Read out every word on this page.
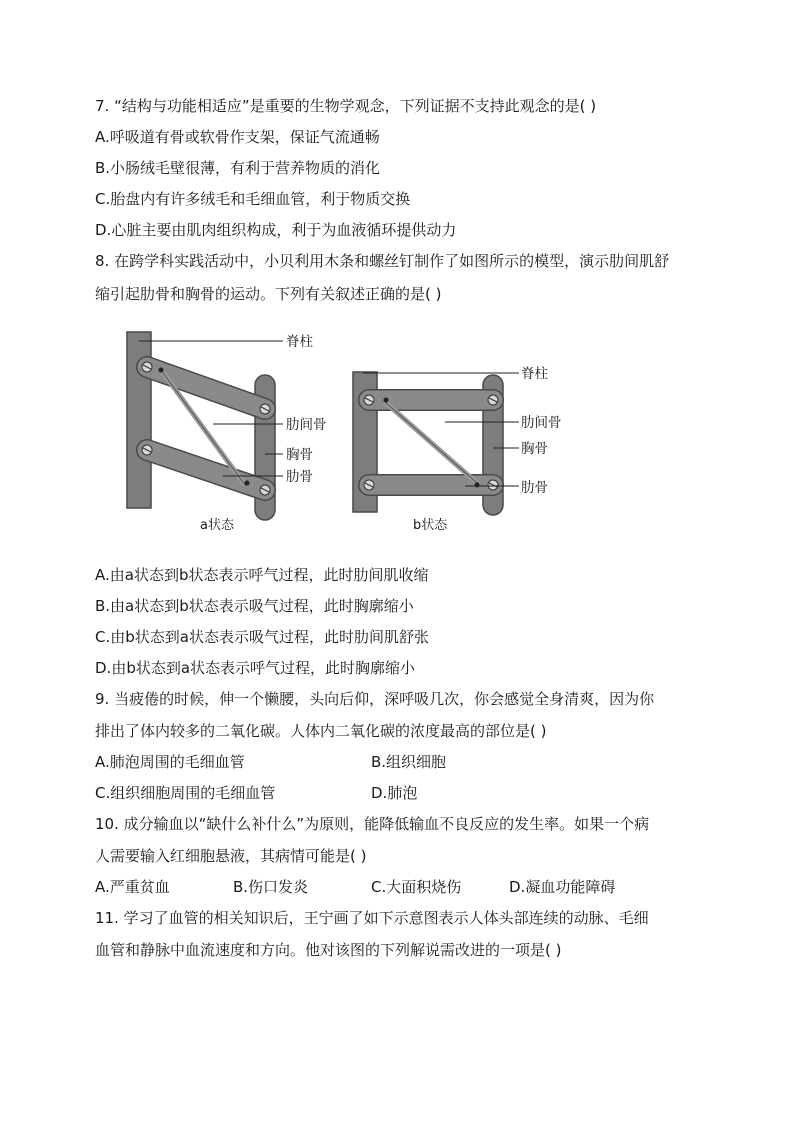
7. “结构与功能相适应”是重要的生物学观念，下列证据不支持此观念的是( )
A.呼吸道有骨或软骨作支架，保证气流通畅
B.小肠绒毛壁很薄，有利于营养物质的消化
C.胎盘内有许多绒毛和毛细血管，利于物质交换
D.心脏主要由肌肉组织构成，利于为血液循环提供动力
8. 在跨学科实践活动中，小贝利用木条和螺丝钉制作了如图所示的模型，演示肋间肌舒
缩引起肋骨和胸骨的运动。下列有关叙述正确的是( )
脊柱
肋间骨
胸骨
肋骨
a状态
脊柱
肋间骨
胸骨
肋骨
b状态
A.由a状态到b状态表示呼气过程，此时肋间肌收缩
B.由a状态到b状态表示吸气过程，此时胸廓缩小
C.由b状态到a状态表示吸气过程，此时肋间肌舒张
D.由b状态到a状态表示呼气过程，此时胸廓缩小
9. 当疲倦的时候，伸一个懒腰，头向后仰，深呼吸几次，你会感觉全身清爽，因为你
排出了体内较多的二氧化碳。人体内二氧化碳的浓度最高的部位是( )
A.肺泡周围的毛细血管	B.组织细胞
C.组织细胞周围的毛细血管	D.肺泡
10. 成分输血以“缺什么补什么”为原则，能降低输血不良反应的发生率。如果一个病
人需要输入红细胞悬液，其病情可能是( )
A.严重贫血	B.伤口发炎	C.大面积烧伤	D.凝血功能障碍
11. 学习了血管的相关知识后，王宁画了如下示意图表示人体头部连续的动脉、毛细
血管和静脉中血流速度和方向。他对该图的下列解说需改进的一项是( )
